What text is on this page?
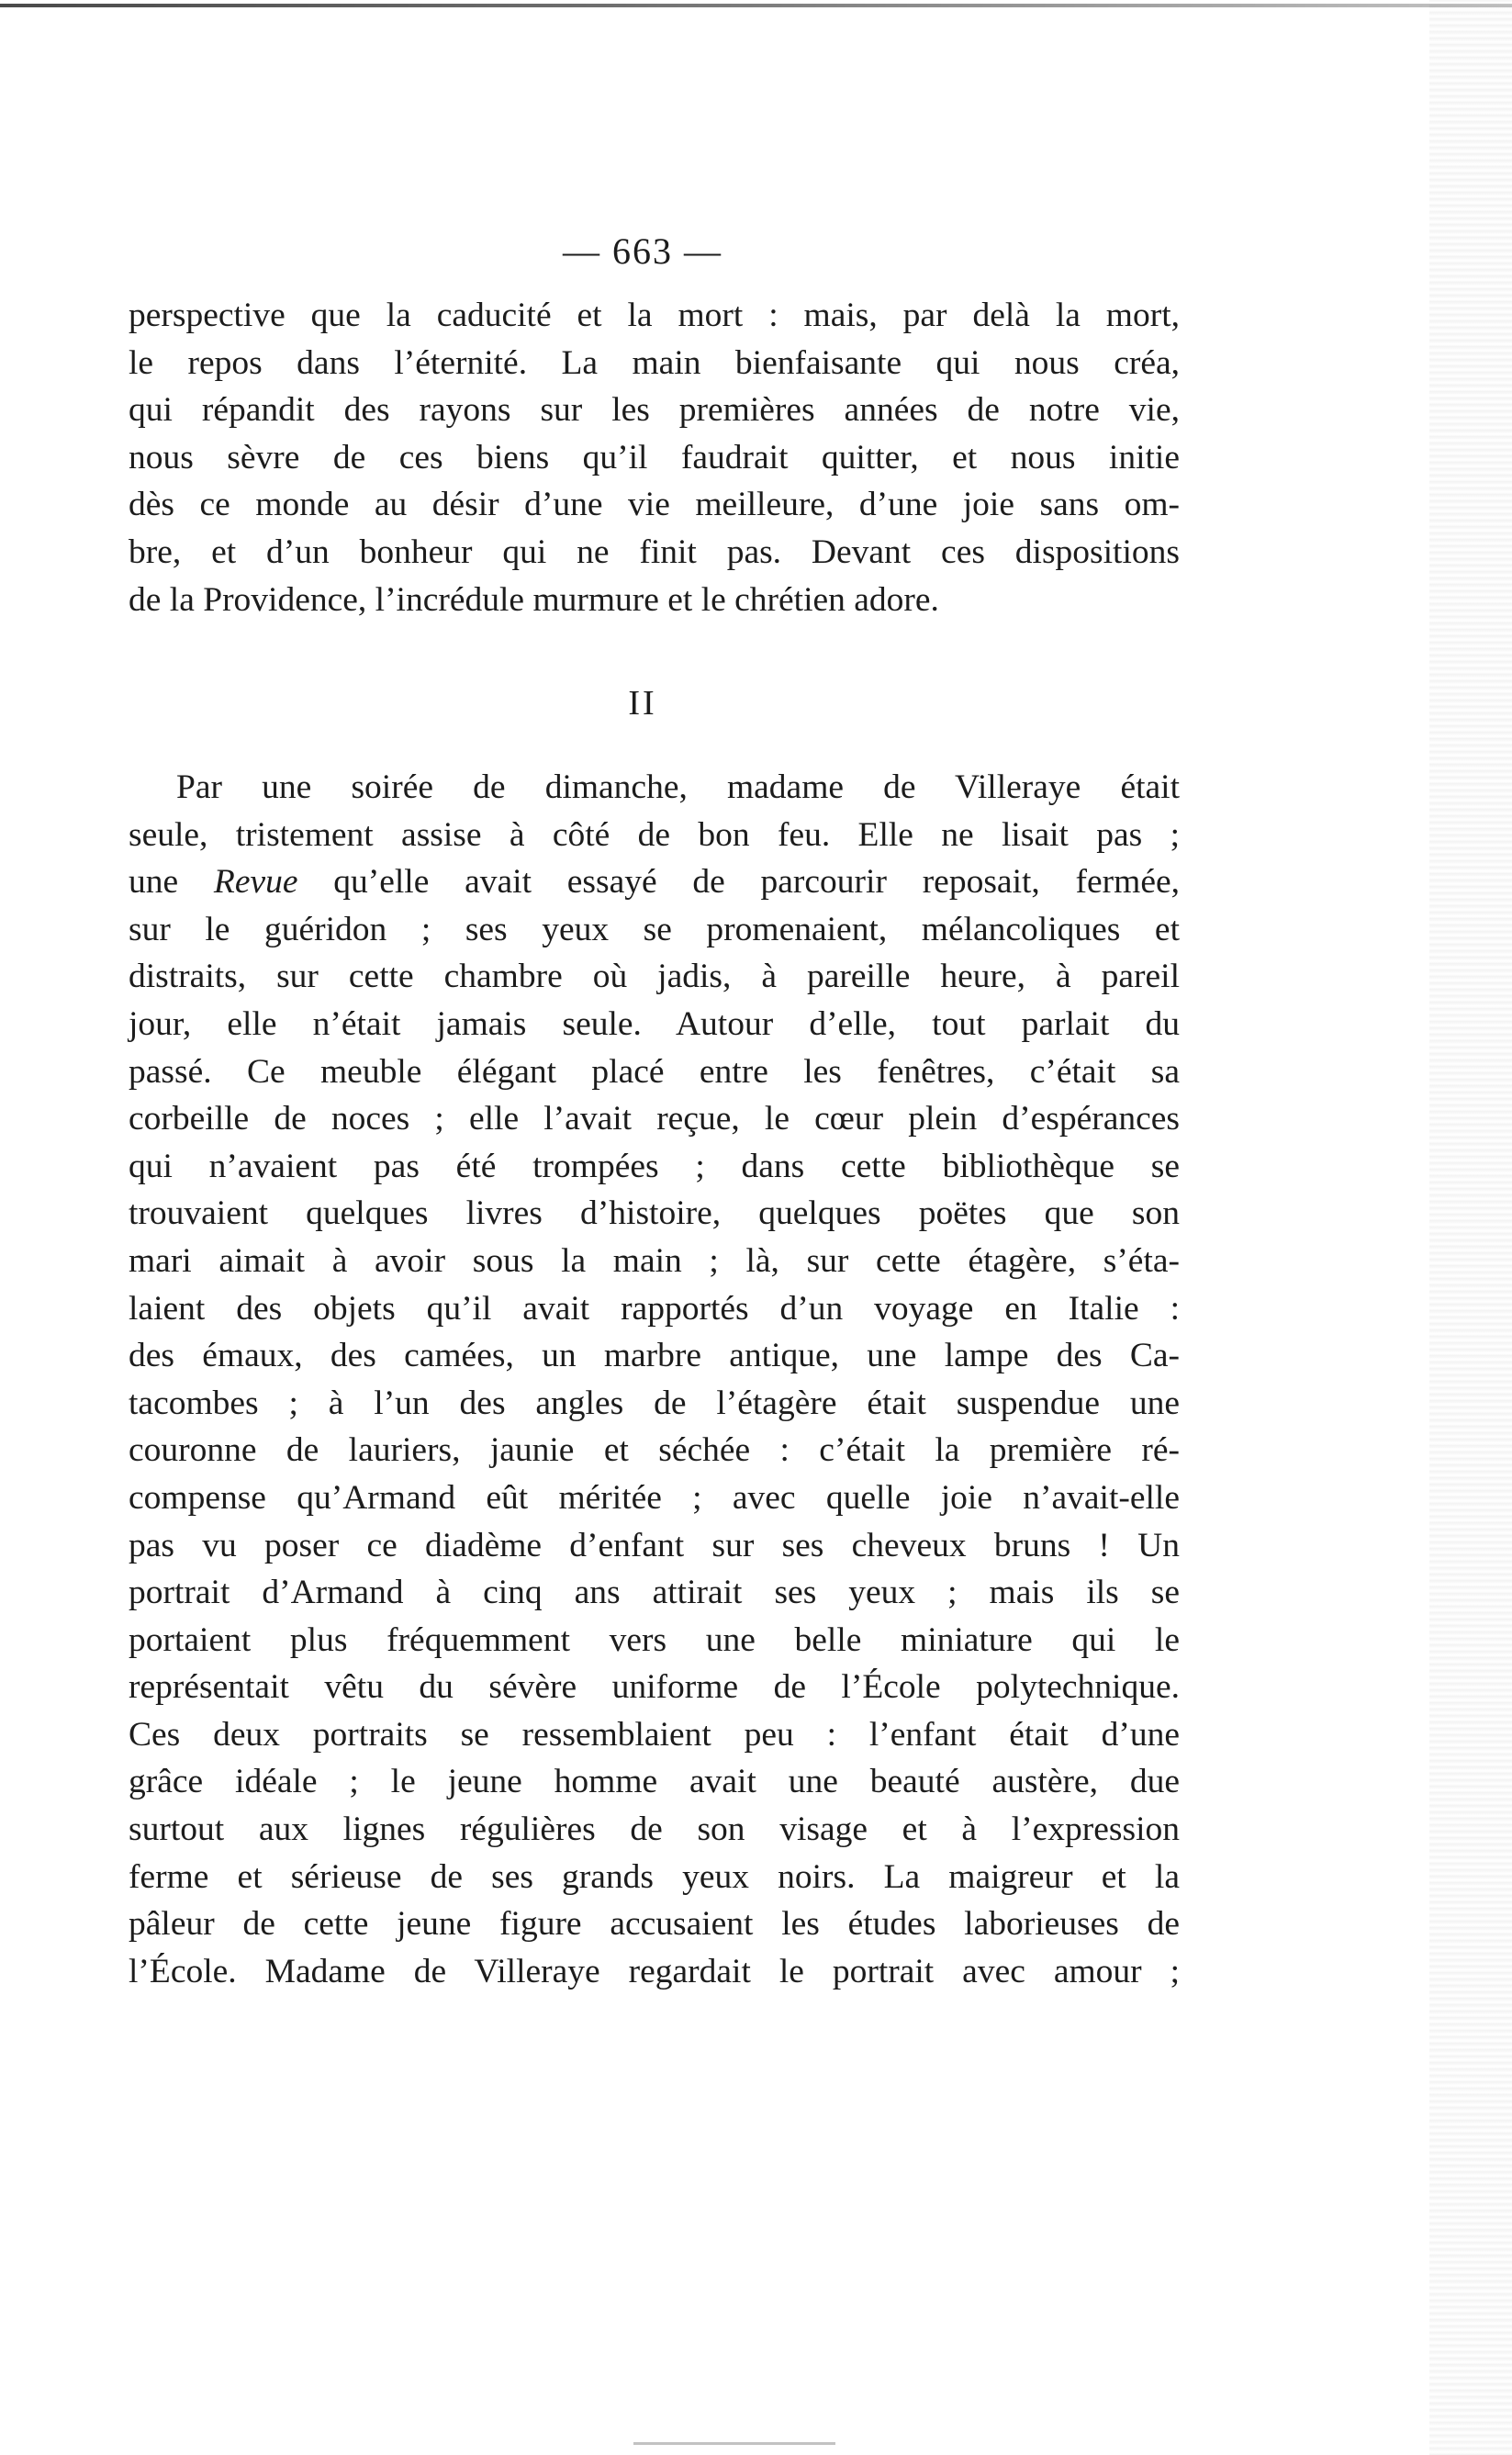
— 663 —
perspective que la caducité et la mort : mais, par delà la mort,
le repos dans l’éternité. La main bienfaisante qui nous créa,
qui répandit des rayons sur les premières années de notre vie,
nous sèvre de ces biens qu’il faudrait quitter, et nous initie
dès ce monde au désir d’une vie meilleure, d’une joie sans om-
bre, et d’un bonheur qui ne finit pas. Devant ces dispositions
de la Providence, l’incrédule murmure et le chrétien adore.
II
Par une soirée de dimanche, madame de Villeraye était
seule, tristement assise à côté de bon feu. Elle ne lisait pas ;
une Revue qu’elle avait essayé de parcourir reposait, fermée,
sur le guéridon ; ses yeux se promenaient, mélancoliques et
distraits, sur cette chambre où jadis, à pareille heure, à pareil
jour, elle n’était jamais seule. Autour d’elle, tout parlait du
passé. Ce meuble élégant placé entre les fenêtres, c’était sa
corbeille de noces ; elle l’avait reçue, le cœur plein d’espérances
qui n’avaient pas été trompées ; dans cette bibliothèque se
trouvaient quelques livres d’histoire, quelques poëtes que son
mari aimait à avoir sous la main ; là, sur cette étagère, s’éta-
laient des objets qu’il avait rapportés d’un voyage en Italie :
des émaux, des camées, un marbre antique, une lampe des Ca-
tacombes ; à l’un des angles de l’étagère était suspendue une
couronne de lauriers, jaunie et séchée : c’était la première ré-
compense qu’Armand eût méritée ; avec quelle joie n’avait-elle
pas vu poser ce diadème d’enfant sur ses cheveux bruns ! Un
portrait d’Armand à cinq ans attirait ses yeux ; mais ils se
portaient plus fréquemment vers une belle miniature qui le
représentait vêtu du sévère uniforme de l’École polytechnique.
Ces deux portraits se ressemblaient peu : l’enfant était d’une
grâce idéale ; le jeune homme avait une beauté austère, due
surtout aux lignes régulières de son visage et à l’expression
ferme et sérieuse de ses grands yeux noirs. La maigreur et la
pâleur de cette jeune figure accusaient les études laborieuses de
l’École. Madame de Villeraye regardait le portrait avec amour ;
